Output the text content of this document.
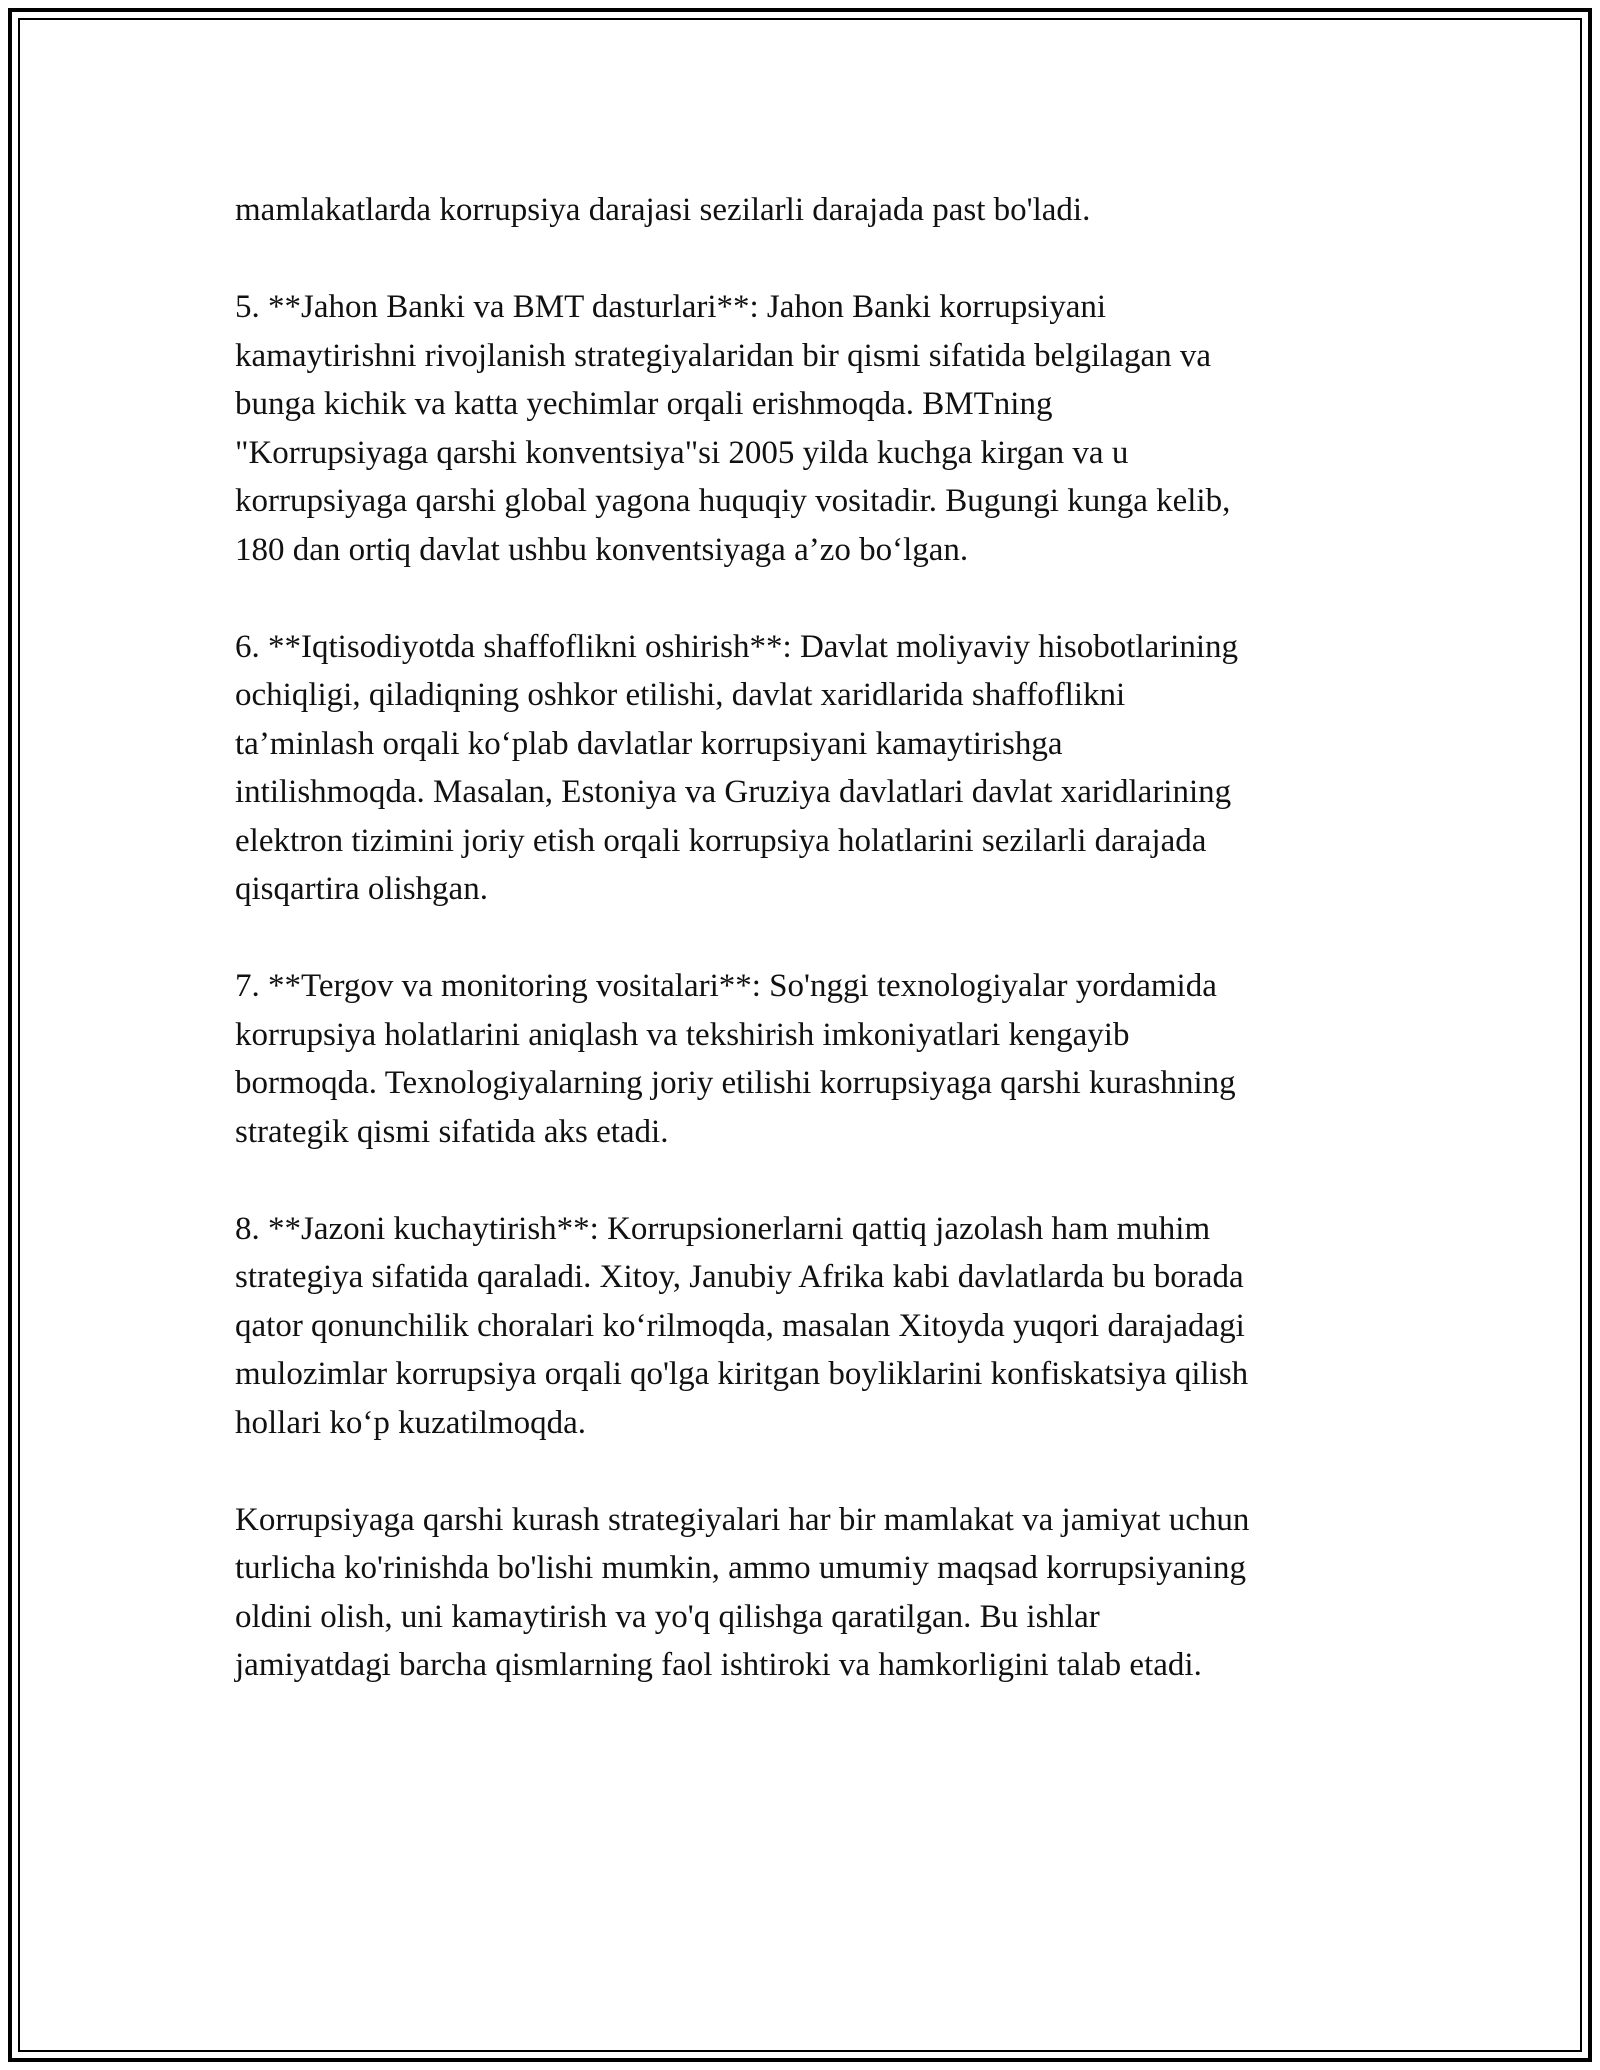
mamlakatlarda korrupsiya darajasi sezilarli darajada past bo'ladi.

5. **Jahon Banki va BMT dasturlari**: Jahon Banki korrupsiyani
kamaytirishni rivojlanish strategiyalaridan bir qismi sifatida belgilagan va
bunga kichik va katta yechimlar orqali erishmoqda. BMTning
"Korrupsiyaga qarshi konventsiya"si 2005 yilda kuchga kirgan va u
korrupsiyaga qarshi global yagona huquqiy vositadir. Bugungi kunga kelib,
180 dan ortiq davlat ushbu konventsiyaga a’zo bo‘lgan.

6. **Iqtisodiyotda shaffoflikni oshirish**: Davlat moliyaviy hisobotlarining
ochiqligi, qiladiqning oshkor etilishi, davlat xaridlarida shaffoflikni
ta’minlash orqali ko‘plab davlatlar korrupsiyani kamaytirishga
intilishmoqda. Masalan, Estoniya va Gruziya davlatlari davlat xaridlarining
elektron tizimini joriy etish orqali korrupsiya holatlarini sezilarli darajada
qisqartira olishgan.

7. **Tergov va monitoring vositalari**: So'nggi texnologiyalar yordamida
korrupsiya holatlarini aniqlash va tekshirish imkoniyatlari kengayib
bormoqda. Texnologiyalarning joriy etilishi korrupsiyaga qarshi kurashning
strategik qismi sifatida aks etadi.

8. **Jazoni kuchaytirish**: Korrupsionerlarni qattiq jazolash ham muhim
strategiya sifatida qaraladi. Xitoy, Janubiy Afrika kabi davlatlarda bu borada
qator qonunchilik choralari ko‘rilmoqda, masalan Xitoyda yuqori darajadagi
mulozimlar korrupsiya orqali qo'lga kiritgan boyliklarini konfiskatsiya qilish
hollari ko‘p kuzatilmoqda.

Korrupsiyaga qarshi kurash strategiyalari har bir mamlakat va jamiyat uchun
turlicha ko'rinishda bo'lishi mumkin, ammo umumiy maqsad korrupsiyaning
oldini olish, uni kamaytirish va yo'q qilishga qaratilgan. Bu ishlar
jamiyatdagi barcha qismlarning faol ishtiroki va hamkorligini talab etadi.
